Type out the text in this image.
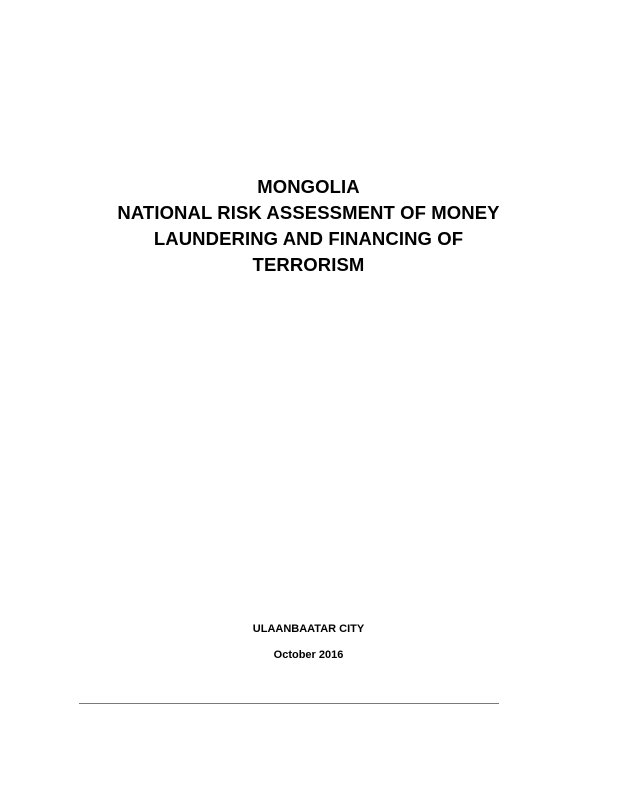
MONGOLIA
NATIONAL RISK ASSESSMENT OF MONEY
LAUNDERING AND FINANCING OF
TERRORISM
ULAANBAATAR CITY
October 2016
